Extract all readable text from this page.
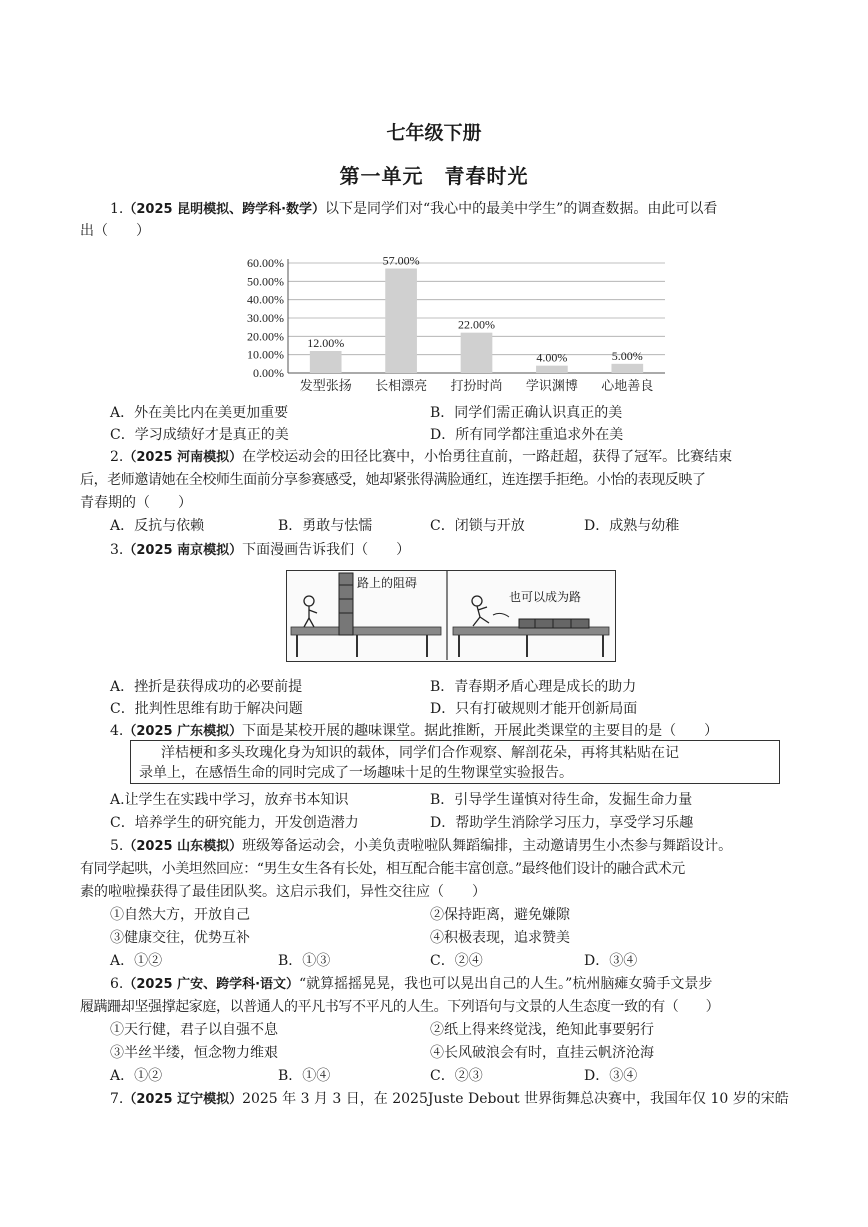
七年级下册
第一单元　青春时光
1.（2025 昆明模拟、跨学科·数学）以下是同学们对“我心中的最美中学生”的调查数据。由此可以看
出（　　）
0.00%
10.00%
20.00%
30.00%
40.00%
50.00%
60.00%
12.00%
发型张扬
57.00%
长相漂亮
22.00%
打扮时尚
4.00%
学识渊博
5.00%
心地善良
A．外在美比内在美更加重要	B．同学们需正确认识真正的美
C．学习成绩好才是真正的美	D．所有同学都注重追求外在美
2.（2025 河南模拟）在学校运动会的田径比赛中，小怡勇往直前，一路赶超，获得了冠军。比赛结束
后，老师邀请她在全校师生面前分享参赛感受，她却紧张得满脸通红，连连摆手拒绝。小怡的表现反映了
青春期的（　　）
A．反抗与依赖	B．勇敢与怯懦	C．闭锁与开放	D．成熟与幼稚
3.（2025 南京模拟）下面漫画告诉我们（　　）
路上的阻碍
也可以成为路
A．挫折是获得成功的必要前提	B．青春期矛盾心理是成长的助力
C．批判性思维有助于解决问题	D．只有打破规则才能开创新局面
4.（2025 广东模拟）下面是某校开展的趣味课堂。据此推断，开展此类课堂的主要目的是（　　）
洋桔梗和多头玫瑰化身为知识的载体，同学们合作观察、解剖花朵，再将其粘贴在记
录单上，在感悟生命的同时完成了一场趣味十足的生物课堂实验报告。
A.让学生在实践中学习，放弃书本知识	B．引导学生谨慎对待生命，发掘生命力量
C．培养学生的研究能力，开发创造潜力	D．帮助学生消除学习压力，享受学习乐趣
5.（2025 山东模拟）班级筹备运动会，小美负责啦啦队舞蹈编排，主动邀请男生小杰参与舞蹈设计。
有同学起哄，小美坦然回应：“男生女生各有长处，相互配合能丰富创意。”最终他们设计的融合武术元
素的啦啦操获得了最佳团队奖。这启示我们，异性交往应（　　）
①自然大方，开放自己	②保持距离，避免嫌隙
③健康交往，优势互补	④积极表现，追求赞美
A．①②	B．①③	C．②④	D．③④
6.（2025 广安、跨学科·语文）“就算摇摇晃晃，我也可以晃出自己的人生。”杭州脑瘫女骑手文景步
履蹒跚却坚强撑起家庭，以普通人的平凡书写不平凡的人生。下列语句与文景的人生态度一致的有（　　）
①天行健，君子以自强不息	②纸上得来终觉浅，绝知此事要躬行
③半丝半缕，恒念物力维艰	④长风破浪会有时，直挂云帆济沧海
A．①②	B．①④	C．②③	D．③④
7.（2025 辽宁模拟）2025 年 3 月 3 日，在 2025Juste Debout 世界街舞总决赛中，我国年仅 10 岁的宋皓
